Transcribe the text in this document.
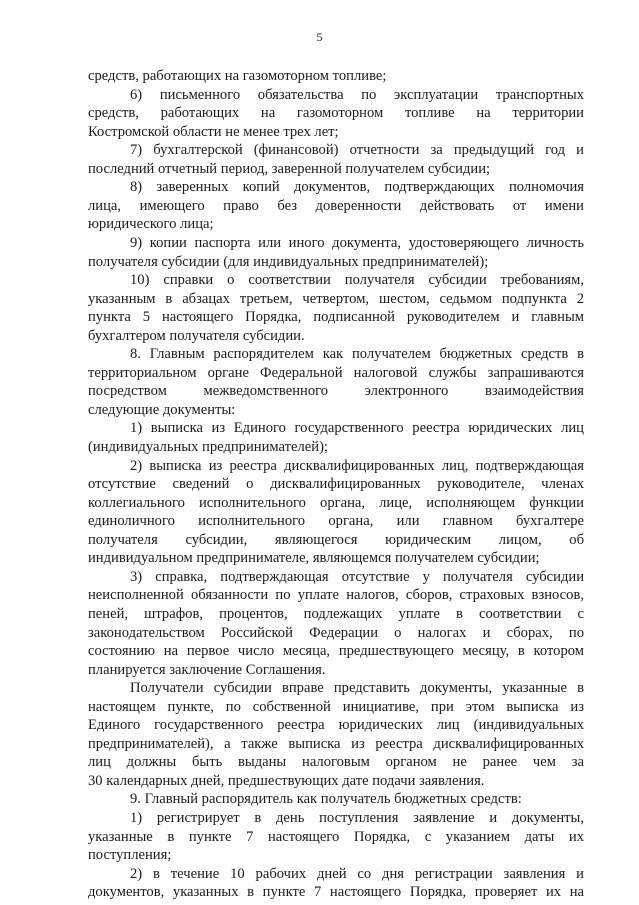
5
средств, работающих на газомоторном топливе;
6) письменного обязательства по эксплуатации транспортных
средств, работающих на газомоторном топливе на территории
Костромской области не менее трех лет;
7) бухгалтерской (финансовой) отчетности за предыдущий год и
последний отчетный период, заверенной получателем субсидии;
8) заверенных копий документов, подтверждающих полномочия
лица, имеющего право без доверенности действовать от имени
юридического лица;
9) копии паспорта или иного документа, удостоверяющего личность
получателя субсидии (для индивидуальных предпринимателей);
10) справки о соответствии получателя субсидии требованиям,
указанным в абзацах третьем, четвертом, шестом, седьмом подпункта 2
пункта 5 настоящего Порядка, подписанной руководителем и главным
бухгалтером получателя субсидии.
8. Главным распорядителем как получателем бюджетных средств в
территориальном органе Федеральной налоговой службы запрашиваются
посредством межведомственного электронного взаимодействия
следующие документы:
1) выписка из Единого государственного реестра юридических лиц
(индивидуальных предпринимателей);
2) выписка из реестра дисквалифицированных лиц, подтверждающая
отсутствие сведений о дисквалифицированных руководителе, членах
коллегиального исполнительного органа, лице, исполняющем функции
единоличного исполнительного органа, или главном бухгалтере
получателя субсидии, являющегося юридическим лицом, об
индивидуальном предпринимателе, являющемся получателем субсидии;
3) справка, подтверждающая отсутствие у получателя субсидии
неисполненной обязанности по уплате налогов, сборов, страховых взносов,
пеней, штрафов, процентов, подлежащих уплате в соответствии с
законодательством Российской Федерации о налогах и сборах, по
состоянию на первое число месяца, предшествующего месяцу, в котором
планируется заключение Соглашения.
Получатели субсидии вправе представить документы, указанные в
настоящем пункте, по собственной инициативе, при этом выписка из
Единого государственного реестра юридических лиц (индивидуальных
предпринимателей), а также выписка из реестра дисквалифицированных
лиц должны быть выданы налоговым органом не ранее чем за
30 календарных дней, предшествующих дате подачи заявления.
9. Главный распорядитель как получатель бюджетных средств:
1) регистрирует в день поступления заявление и документы,
указанные в пункте 7 настоящего Порядка, с указанием даты их
поступления;
2) в течение 10 рабочих дней со дня регистрации заявления и
документов, указанных в пункте 7 настоящего Порядка, проверяет их на
